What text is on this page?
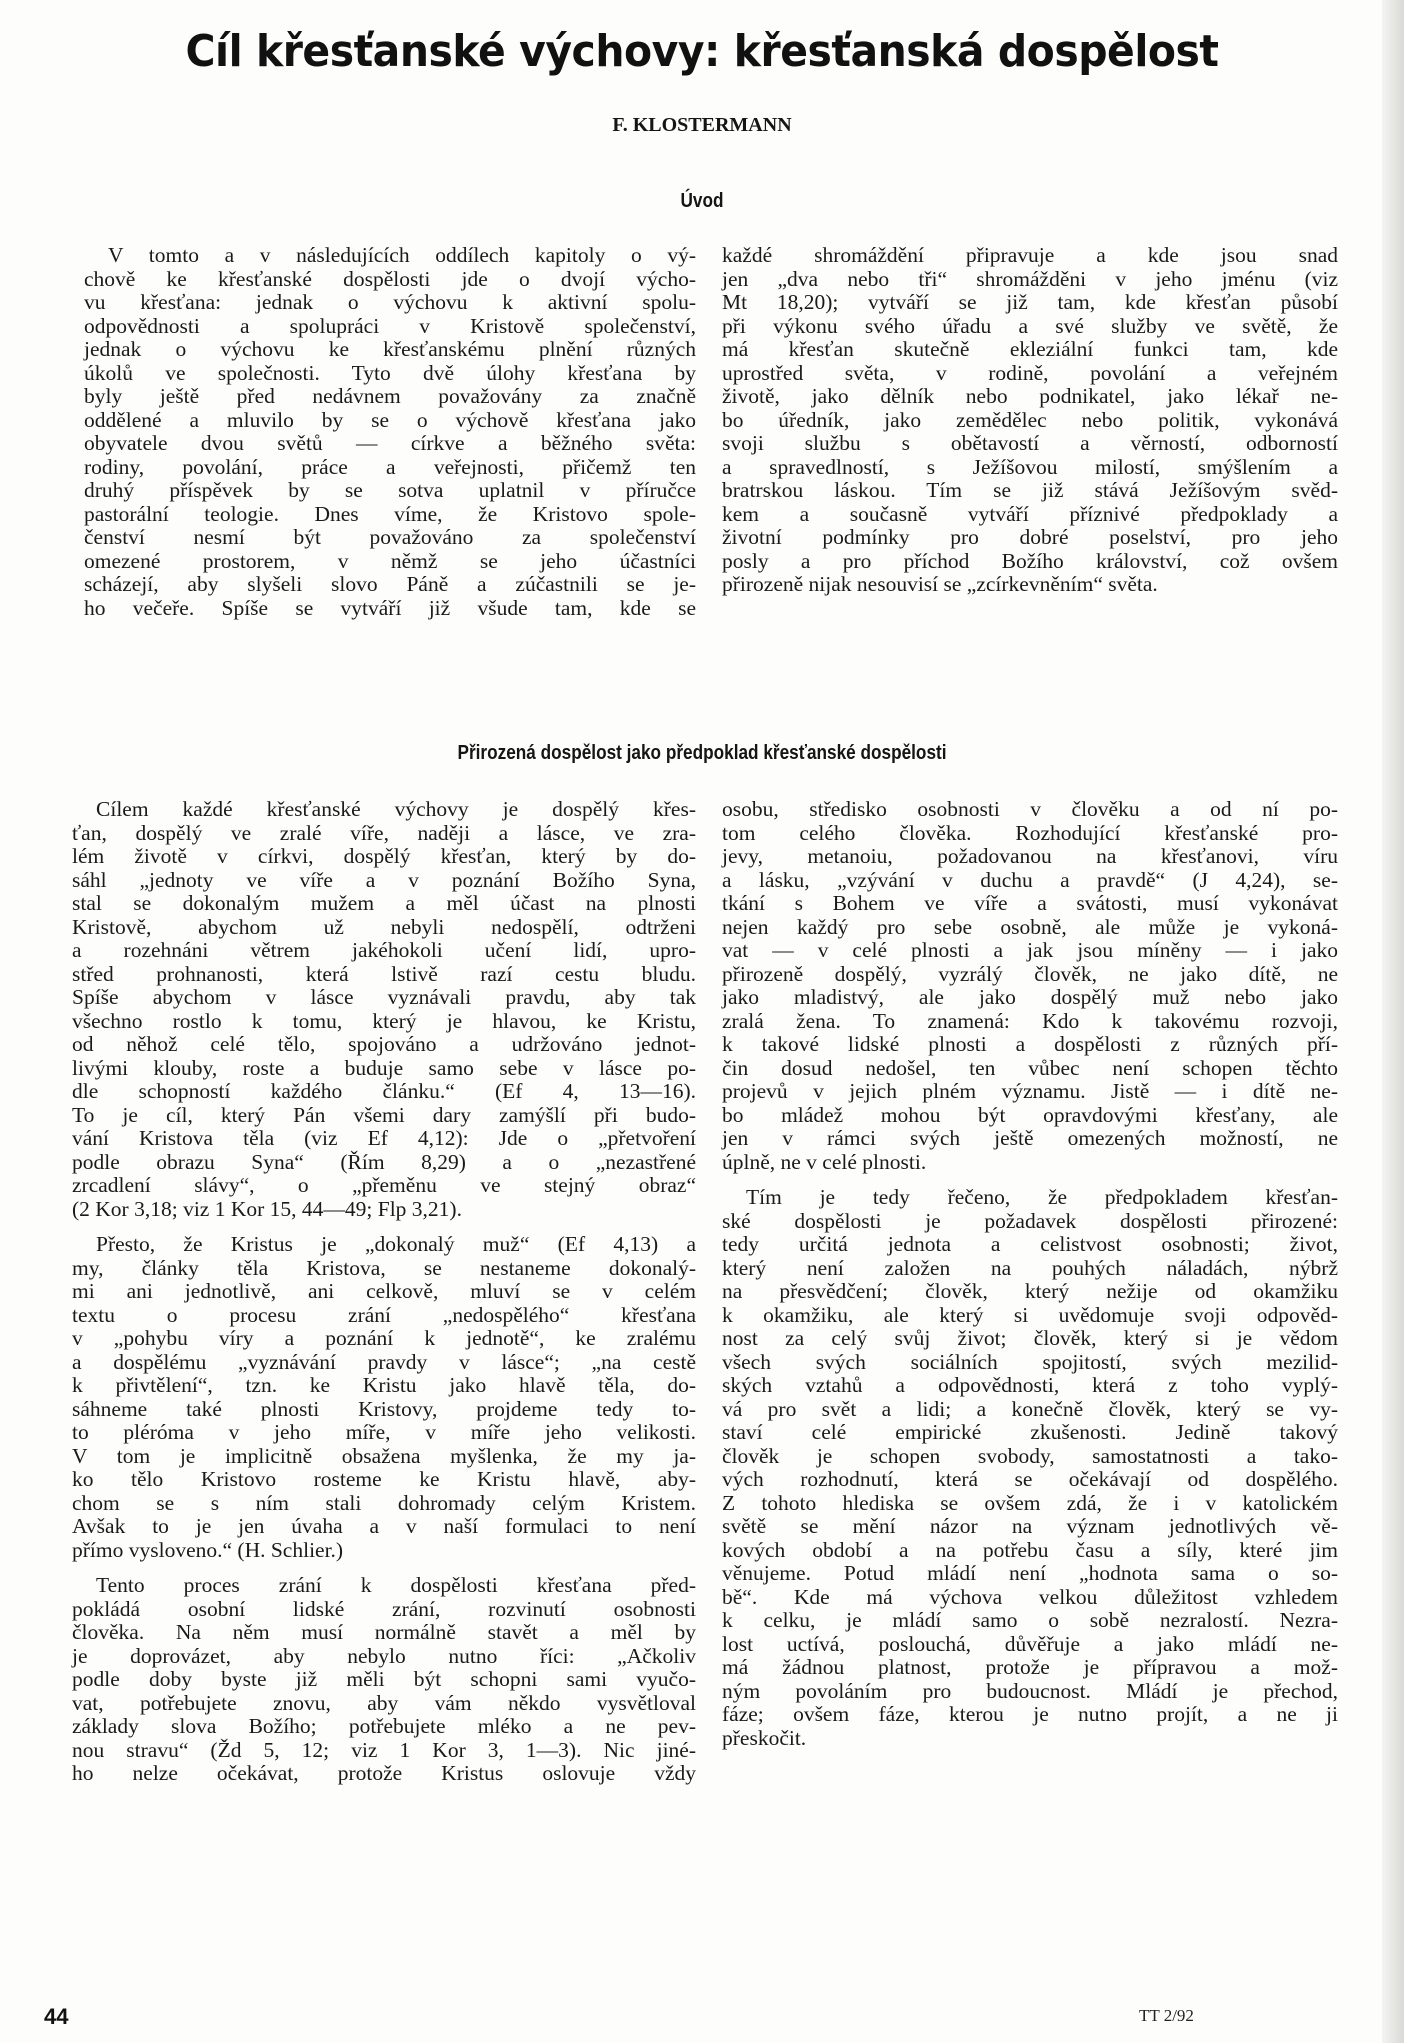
Cíl křesťanské výchovy: křesťanská dospělost
F. KLOSTERMANN
Úvod
V tomto a v následujících oddílech kapitoly o vý-
chově ke křesťanské dospělosti jde o dvojí výcho-
vu křesťana: jednak o výchovu k aktivní spolu-
odpovědnosti a spolupráci v Kristově společenství,
jednak o výchovu ke křesťanskému plnění různých
úkolů ve společnosti. Tyto dvě úlohy křesťana by
byly ještě před nedávnem považovány za značně
oddělené a mluvilo by se o výchově křesťana jako
obyvatele dvou světů — církve a běžného světa:
rodiny, povolání, práce a veřejnosti, přičemž ten
druhý příspěvek by se sotva uplatnil v příručce
pastorální teologie. Dnes víme, že Kristovo spole-
čenství nesmí být považováno za společenství
omezené prostorem, v němž se jeho účastníci
scházejí, aby slyšeli slovo Páně a zúčastnili se je-
ho večeře. Spíše se vytváří již všude tam, kde se
každé shromáždění připravuje a kde jsou snad
jen „dva nebo tři“ shromážděni v jeho jménu (viz
Mt 18,20); vytváří se již tam, kde křesťan působí
při výkonu svého úřadu a své služby ve světě, že
má křesťan skutečně ekleziální funkci tam, kde
uprostřed světa, v rodině, povolání a veřejném
životě, jako dělník nebo podnikatel, jako lékař ne-
bo úředník, jako zemědělec nebo politik, vykonává
svoji službu s obětavostí a věrností, odborností
a spravedlností, s Ježíšovou milostí, smýšlením a
bratrskou láskou. Tím se již stává Ježíšovým svěd-
kem a současně vytváří příznivé předpoklady a
životní podmínky pro dobré poselství, pro jeho
posly a pro příchod Božího království, což ovšem
přirozeně nijak nesouvisí se „zcírkevněním“ světa.
Přirozená dospělost jako předpoklad křesťanské dospělosti
Cílem každé křesťanské výchovy je dospělý křes-
ťan, dospělý ve zralé víře, naději a lásce, ve zra-
lém životě v církvi, dospělý křesťan, který by do-
sáhl „jednoty ve víře a v poznání Božího Syna,
stal se dokonalým mužem a měl účast na plnosti
Kristově, abychom už nebyli nedospělí, odtrženi
a rozehnáni větrem jakéhokoli učení lidí, upro-
střed prohnanosti, která lstivě razí cestu bludu.
Spíše abychom v lásce vyznávali pravdu, aby tak
všechno rostlo k tomu, který je hlavou, ke Kristu,
od něhož celé tělo, spojováno a udržováno jednot-
livými klouby, roste a buduje samo sebe v lásce po-
dle schopností každého článku.“ (Ef 4, 13—16).
To je cíl, který Pán všemi dary zamýšlí při budo-
vání Kristova těla (viz Ef 4,12): Jde o „přetvoření
podle obrazu Syna“ (Řím 8,29) a o „nezastřené
zrcadlení slávy“, o „přeměnu ve stejný obraz“
(2 Kor 3,18; viz 1 Kor 15, 44—49; Flp 3,21).
Přesto, že Kristus je „dokonalý muž“ (Ef 4,13) a
my, články těla Kristova, se nestaneme dokonalý-
mi ani jednotlivě, ani celkově, mluví se v celém
textu o procesu zrání „nedospělého“ křesťana
v „pohybu víry a poznání k jednotě“, ke zralému
a dospělému „vyznávání pravdy v lásce“; „na cestě
k přivtělení“, tzn. ke Kristu jako hlavě těla, do-
sáhneme také plnosti Kristovy, projdeme tedy to-
to pléróma v jeho míře, v míře jeho velikosti.
V tom je implicitně obsažena myšlenka, že my ja-
ko tělo Kristovo rosteme ke Kristu hlavě, aby-
chom se s ním stali dohromady celým Kristem.
Avšak to je jen úvaha a v naší formulaci to není
přímo vysloveno.“ (H. Schlier.)
Tento proces zrání k dospělosti křesťana před-
pokládá osobní lidské zrání, rozvinutí osobnosti
člověka. Na něm musí normálně stavět a měl by
je doprovázet, aby nebylo nutno říci: „Ačkoliv
podle doby byste již měli být schopni sami vyučo-
vat, potřebujete znovu, aby vám někdo vysvětloval
základy slova Božího; potřebujete mléko a ne pev-
nou stravu“ (Žd 5, 12; viz 1 Kor 3, 1—3). Nic jiné-
ho nelze očekávat, protože Kristus oslovuje vždy
osobu, středisko osobnosti v člověku a od ní po-
tom celého člověka. Rozhodující křesťanské pro-
jevy, metanoiu, požadovanou na křesťanovi, víru
a lásku, „vzývání v duchu a pravdě“ (J 4,24), se-
tkání s Bohem ve víře a svátosti, musí vykonávat
nejen každý pro sebe osobně, ale může je vykoná-
vat — v celé plnosti a jak jsou míněny — i jako
přirozeně dospělý, vyzrálý člověk, ne jako dítě, ne
jako mladistvý, ale jako dospělý muž nebo jako
zralá žena. To znamená: Kdo k takovému rozvoji,
k takové lidské plnosti a dospělosti z různých pří-
čin dosud nedošel, ten vůbec není schopen těchto
projevů v jejich plném významu. Jistě — i dítě ne-
bo mládež mohou být opravdovými křesťany, ale
jen v rámci svých ještě omezených možností, ne
úplně, ne v celé plnosti.
Tím je tedy řečeno, že předpokladem křesťan-
ské dospělosti je požadavek dospělosti přirozené:
tedy určitá jednota a celistvost osobnosti; život,
který není založen na pouhých náladách, nýbrž
na přesvědčení; člověk, který nežije od okamžiku
k okamžiku, ale který si uvědomuje svoji odpověd-
nost za celý svůj život; člověk, který si je vědom
všech svých sociálních spojitostí, svých mezilid-
ských vztahů a odpovědnosti, která z toho vyplý-
vá pro svět a lidi; a konečně člověk, který se vy-
staví celé empirické zkušenosti. Jedině takový
člověk je schopen svobody, samostatnosti a tako-
vých rozhodnutí, která se očekávají od dospělého.
Z tohoto hlediska se ovšem zdá, že i v katolickém
světě se mění názor na význam jednotlivých vě-
kových období a na potřebu času a síly, které jim
věnujeme. Potud mládí není „hodnota sama o so-
bě“. Kde má výchova velkou důležitost vzhledem
k celku, je mládí samo o sobě nezralostí. Nezra-
lost uctívá, poslouchá, důvěřuje a jako mládí ne-
má žádnou platnost, protože je přípravou a mož-
ným povoláním pro budoucnost. Mládí je přechod,
fáze; ovšem fáze, kterou je nutno projít, a ne ji
přeskočit.
44	TT 2/92
